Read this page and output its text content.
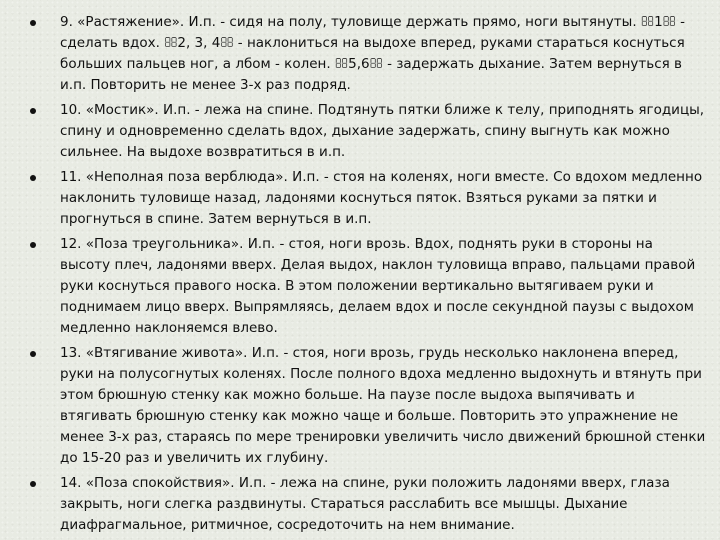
9. «Растяжение». И.п. - сидя на полу, туловище держать прямо, ноги вытянуты. 1 - сделать вдох. 2, 3, 4 - наклониться на выдохе вперед, руками стараться коснуться больших пальцев ног, а лбом - колен. 5,6 - задержать дыхание. Затем вернуться в и.п. Повторить не менее 3-х раз подряд.
10. «Мостик». И.п. - лежа на спине. Подтянуть пятки ближе к телу, приподнять ягодицы, спину и одновременно сделать вдох, дыхание задержать, спину выгнуть как можно сильнее. На выдохе возвратиться в и.п.
11. «Неполная поза верблюда». И.п. - стоя на коленях, ноги вместе. Со вдохом медленно наклонить туловище назад, ладонями коснуться пяток. Взяться руками за пятки и прогнуться в спине. Затем вернуться в и.п.
12. «Поза треугольника». И.п. - стоя, ноги врозь. Вдох, поднять руки в стороны на высоту плеч, ладонями вверх. Делая выдох, наклон туловища вправо, пальцами правой руки коснуться правого носка. В этом положении вертикально вытягиваем руки и поднимаем лицо вверх. Выпрямляясь, делаем вдох и после секундной паузы с выдохом медленно наклоняемся влево.
13. «Втягивание живота». И.п. - стоя, ноги врозь, грудь несколько наклонена вперед, руки на полусогнутых коленях. После полного вдоха медленно выдохнуть и втянуть при этом брюшную стенку как можно больше. На паузе после выдоха выпячивать и втягивать брюшную стенку как можно чаще и больше. Повторить это упражнение не менее 3-х раз, стараясь по мере тренировки увеличить число движений брюшной стенки до 15-20 раз и увеличить их глубину.
14. «Поза спокойствия». И.п. - лежа на спине, руки положить ладонями вверх, глаза закрыть, ноги слегка раздвинуты. Стараться расслабить все мышцы. Дыхание диафрагмальное, ритмичное, сосредоточить на нем внимание.
